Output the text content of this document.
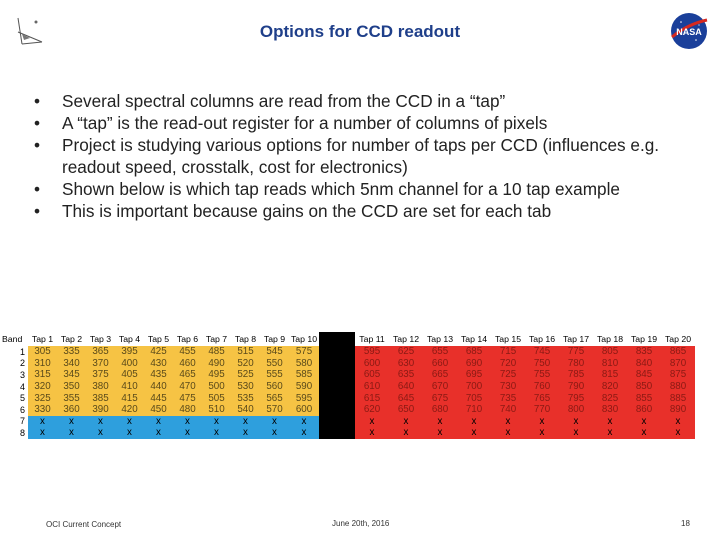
Options for CCD readout	NASA
• Several spectral columns are read from the CCD in a “tap”
• A “tap” is the read-out register for a number of columns of pixels
• Project is studying various options for number of taps per CCD (influences e.g. readout speed, crosstalk, cost for electronics)
• Shown below is which tap reads which 5nm channel for a 10 tap example
• This is important because gains on the CCD are set for each tab
Band	Tap 1	Tap 2	Tap 3	Tap 4	Tap 5	Tap 6	Tap 7	Tap 8	Tap 9	Tap 10		Tap 11	Tap 12	Tap 13	Tap 14	Tap 15	Tap 16	Tap 17	Tap 18	Tap 19	Tap 20
1	305	335	365	395	425	455	485	515	545	575		595	625	655	685	715	745	775	805	835	865
2	310	340	370	400	430	460	490	520	550	580		600	630	660	690	720	750	780	810	840	870
3	315	345	375	405	435	465	495	525	555	585		605	635	665	695	725	755	785	815	845	875
4	320	350	380	410	440	470	500	530	560	590		610	640	670	700	730	760	790	820	850	880
5	325	355	385	415	445	475	505	535	565	595		615	645	675	705	735	765	795	825	855	885
6	330	360	390	420	450	480	510	540	570	600		620	650	680	710	740	770	800	830	860	890
7	x	x	x	x	x	x	x	x	x	x		x	x	x	x	x	x	x	x	x	x
8	x	x	x	x	x	x	x	x	x	x		x	x	x	x	x	x	x	x	x	x
OCI Current Concept	June 20th, 2016	18
